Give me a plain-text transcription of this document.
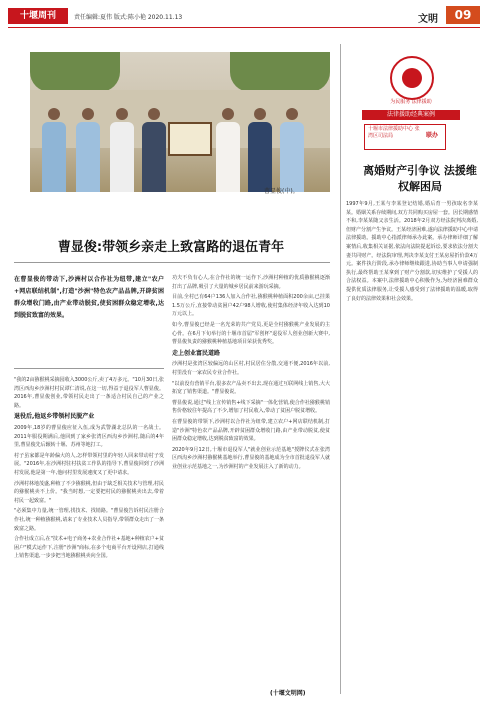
十堰周刊	责任编辑:夏伟 版式:陈小艳 2020.11.13	文明	09
曹显俊(中)。
为民服务 法律援助
法律援助经典案例
十堰市法律援助中心 张湾区司法局	联办
离婚财产引争议 法援维权解困局
1997年9月,王某与李某登记结婚,婚后育一男孩取名李某某。婚姻关系存续期间,双方共同购买房屋一套。因长期感情不和,李某某随父亲生活。2018年2月双方经法院判决离婚,但财产分割产生争议。王某经济困难,遂向法律援助中心申请法律援助。援助中心指派律师承办此案。承办律师详细了解案情后,收集相关证据,依法向法院提起诉讼,要求依法分割夫妻共同财产。经法院审理,判决李某支付王某房屋折价款4万元。案件执行阶段,承办律师继续跟进,协助当事人申请强制执行,最终帮助王某拿到了财产分割款,切实维护了受援人的合法权益。本案中,法律援助中心积极作为,为经济困难群众提供优质法律服务,让受援人感受到了法律援助的温暖,取得了良好的法律效果和社会效果。
曹显俊:带领乡亲走上致富路的退伍青年
在曹显俊的带动下,沙洲村以合作社为纽带,建立"农户+网店联结机制",打造"沙洲"特色农产品品牌,开辟贫困群众增收门路,由产业带动脱贫,使贫困群众稳定增收,达到脱贫致富的效果。

"我的2亩猕猴桃采摘园收入3000公斤,卖了4万多元。"10月30日,张湾区西沟乡沙洲村村民谭仁清说,在这一切,得益于退役军人曹显俊。2016年,曹显俊创业,带领村民走出了一条适合村民自己的产业之路。

退役后,他返乡带领村民脱产业

2009年,18岁的曹显俊应征入伍,成为武警湖北总队的一名战士。2011年服役期满后,他回到了家乡张湾区西沟乡沙洲村,随后的4年里,曹显俊先后辗转十堰、苏州等地打工。

村子虽家都是年龄偏大的人,怎样带领村里的年轻人回来带动村子发展。"2016年,在沙洲村驻村扶贫工作队的指导下,曹显俊回到了沙洲村发展,他是第一年,他问村里发展速度又了更中请求。

沙洲村林地茂盛,种植了不少猕猴桃,但由于缺乏相关技术与管理,村民的猕猴桃卖不上价。"我当时想,一定要把村民的猕猴桃卖出去,带着村民一起致富。"

"必须集中力量,统一管理,找技术、找销路。"曹显俊告诉村民注册合作社,统一种植猕猴桃,请来了专业技术人员指导,带领群众走出了一条致富之路。

合作社成立后,在"技术+电子商务+农业合作社+基地+种植农户+贫困户"模式运作下,注册"沙洲"商标,在多个电商平台开设网店,打通线上销售渠道,一步步把当地猕猴桃卖向全国。

功夫不负有心人,在合作社的统一运作下,沙洲村种植的优质猕猴桃逐渐打出了品牌,吸引了大量的城乡居民前来游玩采摘。

目前,全村已有64户136人加入合作社,猕猴桃种植面积200余亩,已挂果1.5万公斤,直接带动贫困户42户98人增收,使村集体经济年收入达到10万元以上。

如今,曹显俊已经是一名光荣的共产党员,更是全村猕猴桃产业发展的主心骨。在6月下旬举行的十堰市首届"军创杯"退役军人创业创新大赛中,曹显俊负责的猕猴桃种植基地项目荣获优秀奖。

走上创业富民道路

沙洲村是张湾区较偏远的山区村,村民居住分散,交通不便,2016年以前,村里没有一家农民专业合作社。

"以前没有营销平台,很多农产品卖不出去,现在通过互联网线上销售,大大拓宽了销售渠道。"曹显俊说。

曹显俊说,通过"线上宣传销售+线下采摘"一体化营销,使合作社猕猴桃销售价格较往年提高了不少,增加了村民收入,带动了贫困户脱贫增收。

在曹显俊的带领下,沙洲村以合作社为纽带,建立农户+网店联结机制,打造"沙洲"特色农产品品牌,开辟贫困群众增收门路,由产业带动脱贫,使贫困群众稳定增收,达到脱贫致富的效果。

2020年9月12日,十堰市退役军人"就业创业示范基地"授牌仪式在张湾区西沟乡沙洲村猕猴桃基地举行,曹显俊的基地成为全市首批退役军人就业创业示范基地之一,为沙洲村的产业发展注入了新的动力。

(十堰文明网)
